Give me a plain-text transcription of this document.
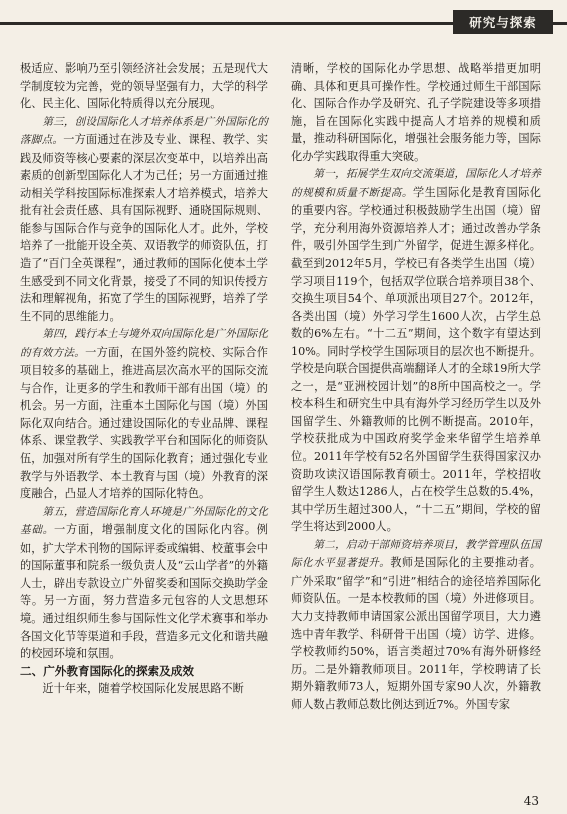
研究与探索

极适应、影响乃至引领经济社会发展；五是现代大学制度较为完善，党的领导坚强有力，大学的科学化、民主化、国际化特质得以充分展现。

第三，创设国际化人才培养体系是广外国际化的落脚点。一方面通过在涉及专业、课程、教学、实践及师资等核心要素的深层次变革中，以培养出高素质的创新型国际化人才为己任；另一方面通过推动相关学科按国际标准探索人才培养模式，培养大批有社会责任感、具有国际视野、通晓国际规则、能参与国际合作与竞争的国际化人才。此外，学校培养了一批能开设全英、双语教学的师资队伍，打造了“百门全英课程”，通过教师的国际化使本土学生感受到不同文化背景，接受了不同的知识传授方法和理解视角，拓宽了学生的国际视野，培养了学生不同的思维能力。

第四，践行本土与境外双向国际化是广外国际化的有效方法。一方面，在国外签约院校、实际合作项目较多的基础上，推进高层次高水平的国际交流与合作，让更多的学生和教师干部有出国（境）的机会。另一方面，注重本土国际化与国（境）外国际化双向结合。通过建设国际化的专业品牌、课程体系、课堂教学、实践教学平台和国际化的师资队伍，加强对所有学生的国际化教育；通过强化专业教学与外语教学、本土教育与国（境）外教育的深度融合，凸显人才培养的国际化特色。

第五，营造国际化育人环境是广外国际化的文化基础。一方面，增强制度文化的国际化内容。例如，扩大学术刊物的国际评委或编辑、校董事会中的国际董事和院系一级负责人及“云山学者”的外籍人士，辟出专款设立广外留奖委和国际交换助学金等。另一方面，努力营造多元包容的人文思想环境。通过组织师生参与国际性文化学术赛事和举办各国文化节等渠道和手段，营造多元文化和谐共融的校园环境和氛围。

二、广外教育国际化的探索及成效

近十年来，随着学校国际化发展思路不断

清晰，学校的国际化办学思想、战略举措更加明确、具体和更具可操作性。学校通过师生干部国际化、国际合作办学及研究、孔子学院建设等多项措施，旨在国际化实践中提高人才培养的规模和质量，推动科研国际化，增强社会服务能力等，国际化办学实践取得重大突破。

第一，拓展学生双向交流渠道，国际化人才培养的规模和质量不断提高。学生国际化是教育国际化的重要内容。学校通过积极鼓励学生出国（境）留学，充分利用海外资源培养人才；通过改善办学条件，吸引外国学生到广外留学，促进生源多样化。截至到2012年5月，学校已有各类学生出国（境）学习项目119个，包括双学位联合培养项目38个、交换生项目54个、单项派出项目27个。2012年，各类出国（境）外学习学生1600人次，占学生总数的6%左右。“十二五”期间，这个数字有望达到10%。同时学校学生国际项目的层次也不断提升。学校是向联合国提供高端翻译人才的全球19所大学之一，是“亚洲校园计划”的8所中国高校之一。学校本科生和研究生中具有海外学习经历学生以及外国留学生、外籍教师的比例不断提高。2010年，学校获批成为中国政府奖学金来华留学生培养单位。2011年学校有52名外国留学生获得国家汉办资助攻读汉语国际教育硕士。2011年，学校招收留学生人数达1286人，占在校学生总数的5.4%，其中学历生超过300人，“十二五”期间，学校的留学生将达到2000人。

第二，启动干部师资培养项目，教学管理队伍国际化水平显著提升。教师是国际化的主要推动者。广外采取“留学”和“引进”相结合的途径培养国际化师资队伍。一是本校教师的国（境）外进修项目。大力支持教师申请国家公派出国留学项目，大力遴选中青年教学、科研骨干出国（境）访学、进修。学校教师约50%，语言类超过70%有海外研修经历。二是外籍教师项目。2011年，学校聘请了长期外籍教师73人，短期外国专家90人次，外籍教师人数占教师总数比例达到近7%。外国专家

43
